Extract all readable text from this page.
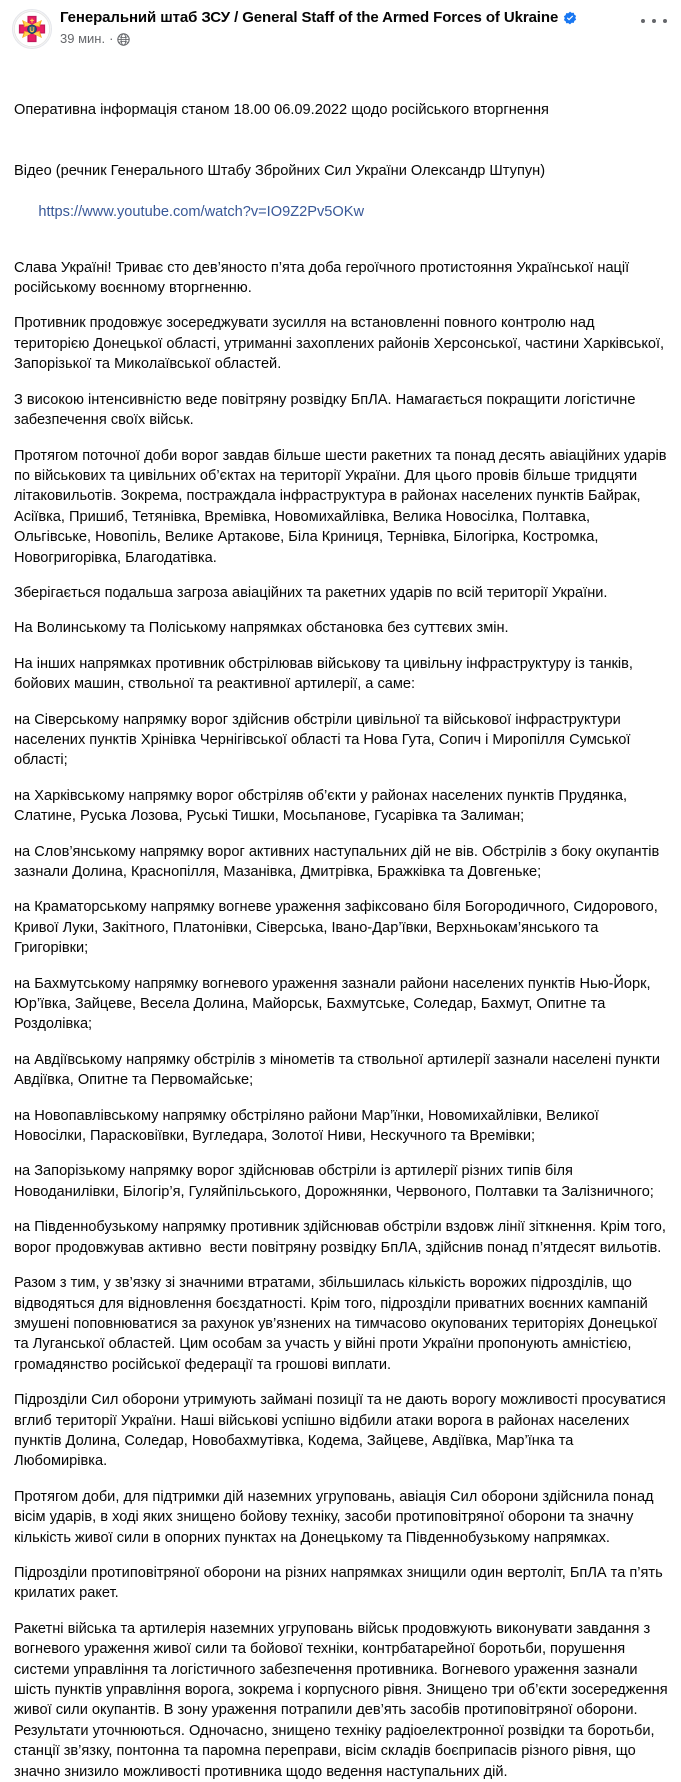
Генеральний штаб ЗСУ / General Staff of the Armed Forces of Ukraine
39 мин. ·

Оперативна інформація станом 18.00 06.09.2022 щодо російського вторгнення

Відео (речник Генерального Штабу Збройних Сил України Олександр Штупун)

https://www.youtube.com/watch?v=IO9Z2Pv5OKw

Слава Україні! Триває сто дев’яносто п’ята доба героїчного протистояння Української нації російському воєнному вторгненню.

Противник продовжує зосереджувати зусилля на встановленні повного контролю над територією Донецької області, утриманні захоплених районів Херсонської, частини Харківської, Запорізької та Миколаївської областей.

З високою інтенсивністю веде повітряну розвідку БпЛА. Намагається покращити логістичне забезпечення своїх військ.

Протягом поточної доби ворог завдав більше шести ракетних та понад десять авіаційних ударів по військових та цивільних об’єктах на території України. Для цього провів більше тридцяти літаковильотів. Зокрема, постраждала інфраструктура в районах населених пунктів Байрак, Асіївка, Пришиб, Тетянівка, Времівка, Новомихайлівка, Велика Новосілка, Полтавка, Ольгівське, Новопіль, Велике Артакове, Біла Криниця, Тернівка, Білогірка, Костромка, Новогригорівка, Благодатівка.

Зберігається подальша загроза авіаційних та ракетних ударів по всій території України.

На Волинському та Поліському напрямках обстановка без суттєвих змін.

На інших напрямках противник обстрілював військову та цивільну інфраструктуру із танків, бойових машин, ствольної та реактивної артилерії, а саме:

на Сіверському напрямку ворог здійснив обстріли цивільної та військової інфраструктури населених пунктів Хрінівка Чернігівської області та Нова Гута, Сопич і Миропілля Сумської області;

на Харківському напрямку ворог обстріляв об’єкти у районах населених пунктів Прудянка, Слатине, Руська Лозова, Руські Тишки, Мосьпанове, Гусарівка та Залиман;

на Слов’янському напрямку ворог активних наступальних дій не вів. Обстрілів з боку окупантів зазнали Долина, Краснопілля, Мазанівка, Дмитрівка, Бражківка та Довгеньке;

на Краматорському напрямку вогневе ураження зафіксовано біля Богородичного, Сидорового, Кривої Луки, Закітного, Платонівки, Сіверська, Івано-Дар’ївки, Верхньокам’янського та Григорівки;

на Бахмутському напрямку вогневого ураження зазнали райони населених пунктів Нью-Йорк, Юр’ївка, Зайцеве, Весела Долина, Майорськ, Бахмутське, Соледар, Бахмут, Опитне та Роздолівка;

на Авдіївському напрямку обстрілів з мінометів та ствольної артилерії зазнали населені пункти Авдіївка, Опитне та Первомайське;

на Новопавлівському напрямку обстріляно райони Мар’їнки, Новомихайлівки, Великої Новосілки, Парасковіївки, Вугледара, Золотої Ниви, Нескучного та Времівки;

на Запорізькому напрямку ворог здійснював обстріли із артилерії різних типів біля Новоданилівки, Білогір’я, Гуляйпільського, Дорожнянки, Червоного, Полтавки та Залізничного;

на Південнобузькому напрямку противник здійснював обстріли вздовж лінії зіткнення. Крім того, ворог продовжував активно  вести повітряну розвідку БпЛА, здійснив понад п’ятдесят вильотів.

Разом з тим, у зв’язку зі значними втратами, збільшилась кількість ворожих підрозділів, що відводяться для відновлення боєздатності. Крім того, підрозділи приватних воєнних кампаній змушені поповнюватися за рахунок ув’язнених на тимчасово окупованих територіях Донецької та Луганської областей. Цим особам за участь у війні проти України пропонують амністією, громадянство російської федерації та грошові виплати.

Підрозділи Сил оборони утримують займані позиції та не дають ворогу можливості просуватися вглиб території України. Наші військові успішно відбили атаки ворога в районах населених пунктів Долина, Соледар, Новобахмутівка, Кодема, Зайцеве, Авдіївка, Мар’їнка та Любомирівка.

Протягом доби, для підтримки дій наземних угруповань, авіація Сил оборони здійснила понад вісім ударів, в ході яких знищено бойову техніку, засоби протиповітряної оборони та значну кількість живої сили в опорних пунктах на Донецькому та Південнобузькому напрямках.

Підрозділи протиповітряної оборони на різних напрямках знищили один вертоліт, БпЛА та п’ять крилатих ракет.

Ракетні війська та артилерія наземних угруповань військ продовжують виконувати завдання з вогневого ураження живої сили та бойової техніки, контрбатарейної боротьби, порушення системи управління та логістичного забезпечення противника. Вогневого ураження зазнали шість пунктів управління ворога, зокрема і корпусного рівня. Знищено три об’єкти зосередження живої сили окупантів. В зону ураження потрапили дев’ять засобів протиповітряної оборони. Результати уточнюються. Одночасно, знищено техніку радіоелектронної розвідки та боротьби, станції зв’язку, понтонна та паромна переправи, вісім складів боєприпасів різного рівня, що значно знизило можливості противника щодо ведення наступальних дій.
